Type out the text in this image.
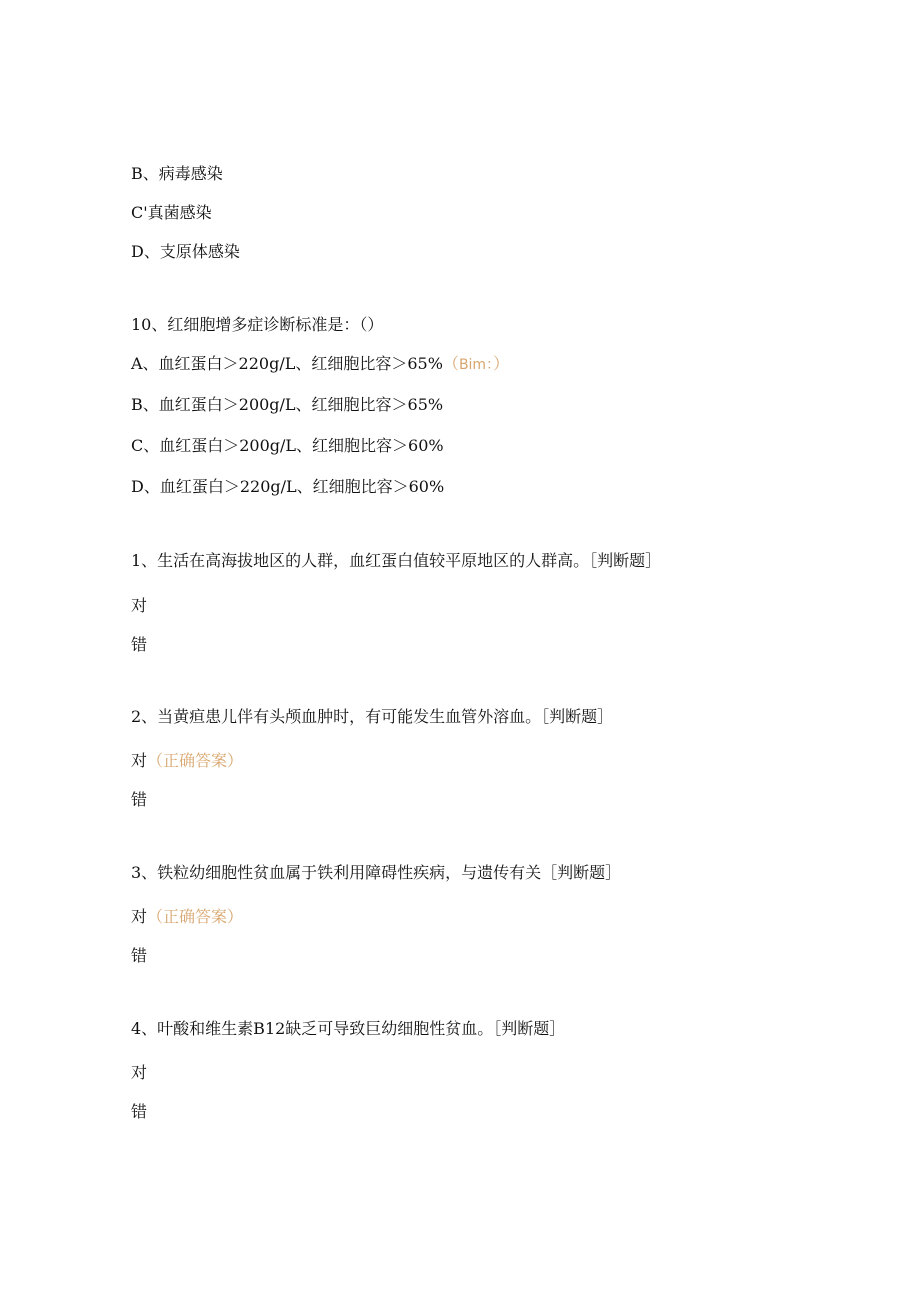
B、病毒感染
C'真菌感染
D、支原体感染
10、红细胞增多症诊断标准是：（）
A、血红蛋白＞220g∕L、红细胞比容＞65%（Bim：）
B、血红蛋白＞200g∕L、红细胞比容＞65%
C、血红蛋白＞200g∕L、红细胞比容＞60%
D、血红蛋白＞220g∕L、红细胞比容＞60%
1、生活在高海拔地区的人群，血红蛋白值较平原地区的人群高。［判断题］
对
错
2、当黄疸患儿伴有头颅血肿时，有可能发生血管外溶血。［判断题］
对（正确答案）
错
3、铁粒幼细胞性贫血属于铁利用障碍性疾病，与遗传有关［判断题］
对（正确答案）
错
4、叶酸和维生素B12缺乏可导致巨幼细胞性贫血。［判断题］
对
错
